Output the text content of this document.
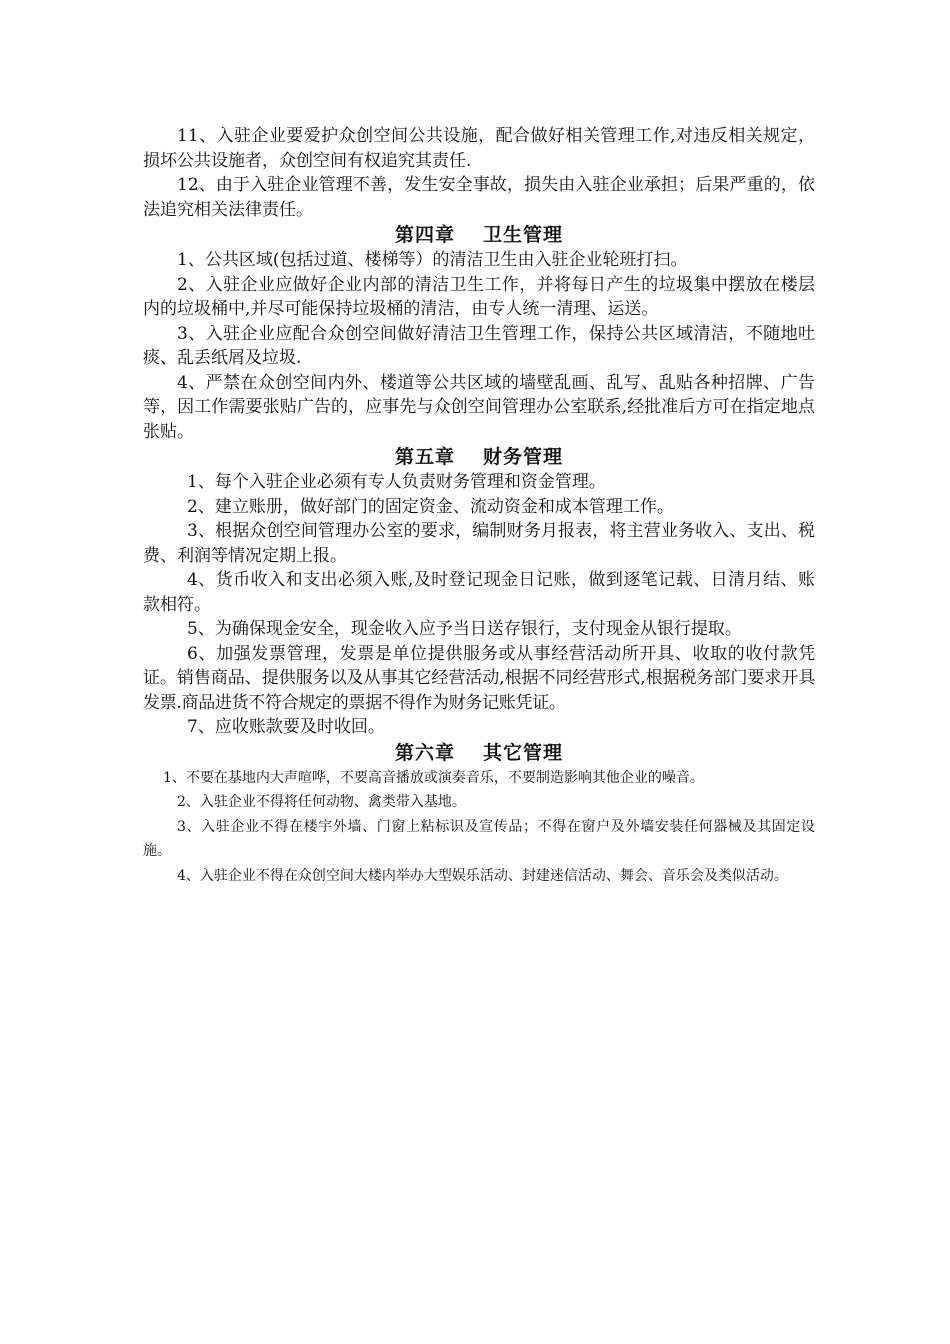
11、入驻企业要爱护众创空间公共设施，配合做好相关管理工作,对违反相关规定，损坏公共设施者，众创空间有权追究其责任.

12、由于入驻企业管理不善，发生安全事故，损失由入驻企业承担；后果严重的，依法追究相关法律责任。

第四章 卫生管理

1、公共区域(包括过道、楼梯等）的清洁卫生由入驻企业轮班打扫。

2、入驻企业应做好企业内部的清洁卫生工作，并将每日产生的垃圾集中摆放在楼层内的垃圾桶中,并尽可能保持垃圾桶的清洁，由专人统一清理、运送。

3、入驻企业应配合众创空间做好清洁卫生管理工作，保持公共区域清洁，不随地吐痰、乱丢纸屑及垃圾.

4、严禁在众创空间内外、楼道等公共区域的墙壁乱画、乱写、乱贴各种招牌、广告等，因工作需要张贴广告的，应事先与众创空间管理办公室联系,经批准后方可在指定地点张贴。

第五章 财务管理

1、每个入驻企业必须有专人负责财务管理和资金管理。

2、建立账册，做好部门的固定资金、流动资金和成本管理工作。

3、根据众创空间管理办公室的要求，编制财务月报表，将主营业务收入、支出、税费、利润等情况定期上报。

4、货币收入和支出必须入账,及时登记现金日记账，做到逐笔记载、日清月结、账款相符。

5、为确保现金安全，现金收入应予当日送存银行，支付现金从银行提取。

6、加强发票管理，发票是单位提供服务或从事经营活动所开具、收取的收付款凭证。销售商品、提供服务以及从事其它经营活动,根据不同经营形式,根据税务部门要求开具发票.商品进货不符合规定的票据不得作为财务记账凭证。

7、应收账款要及时收回。

第六章 其它管理

1、不要在基地内大声喧哗，不要高音播放或演奏音乐，不要制造影响其他企业的噪音。

2、入驻企业不得将任何动物、禽类带入基地。

3、入驻企业不得在楼宇外墙、门窗上粘标识及宣传品；不得在窗户及外墙安装任何器械及其固定设施。

4、入驻企业不得在众创空间大楼内举办大型娱乐活动、封建迷信活动、舞会、音乐会及类似活动。
